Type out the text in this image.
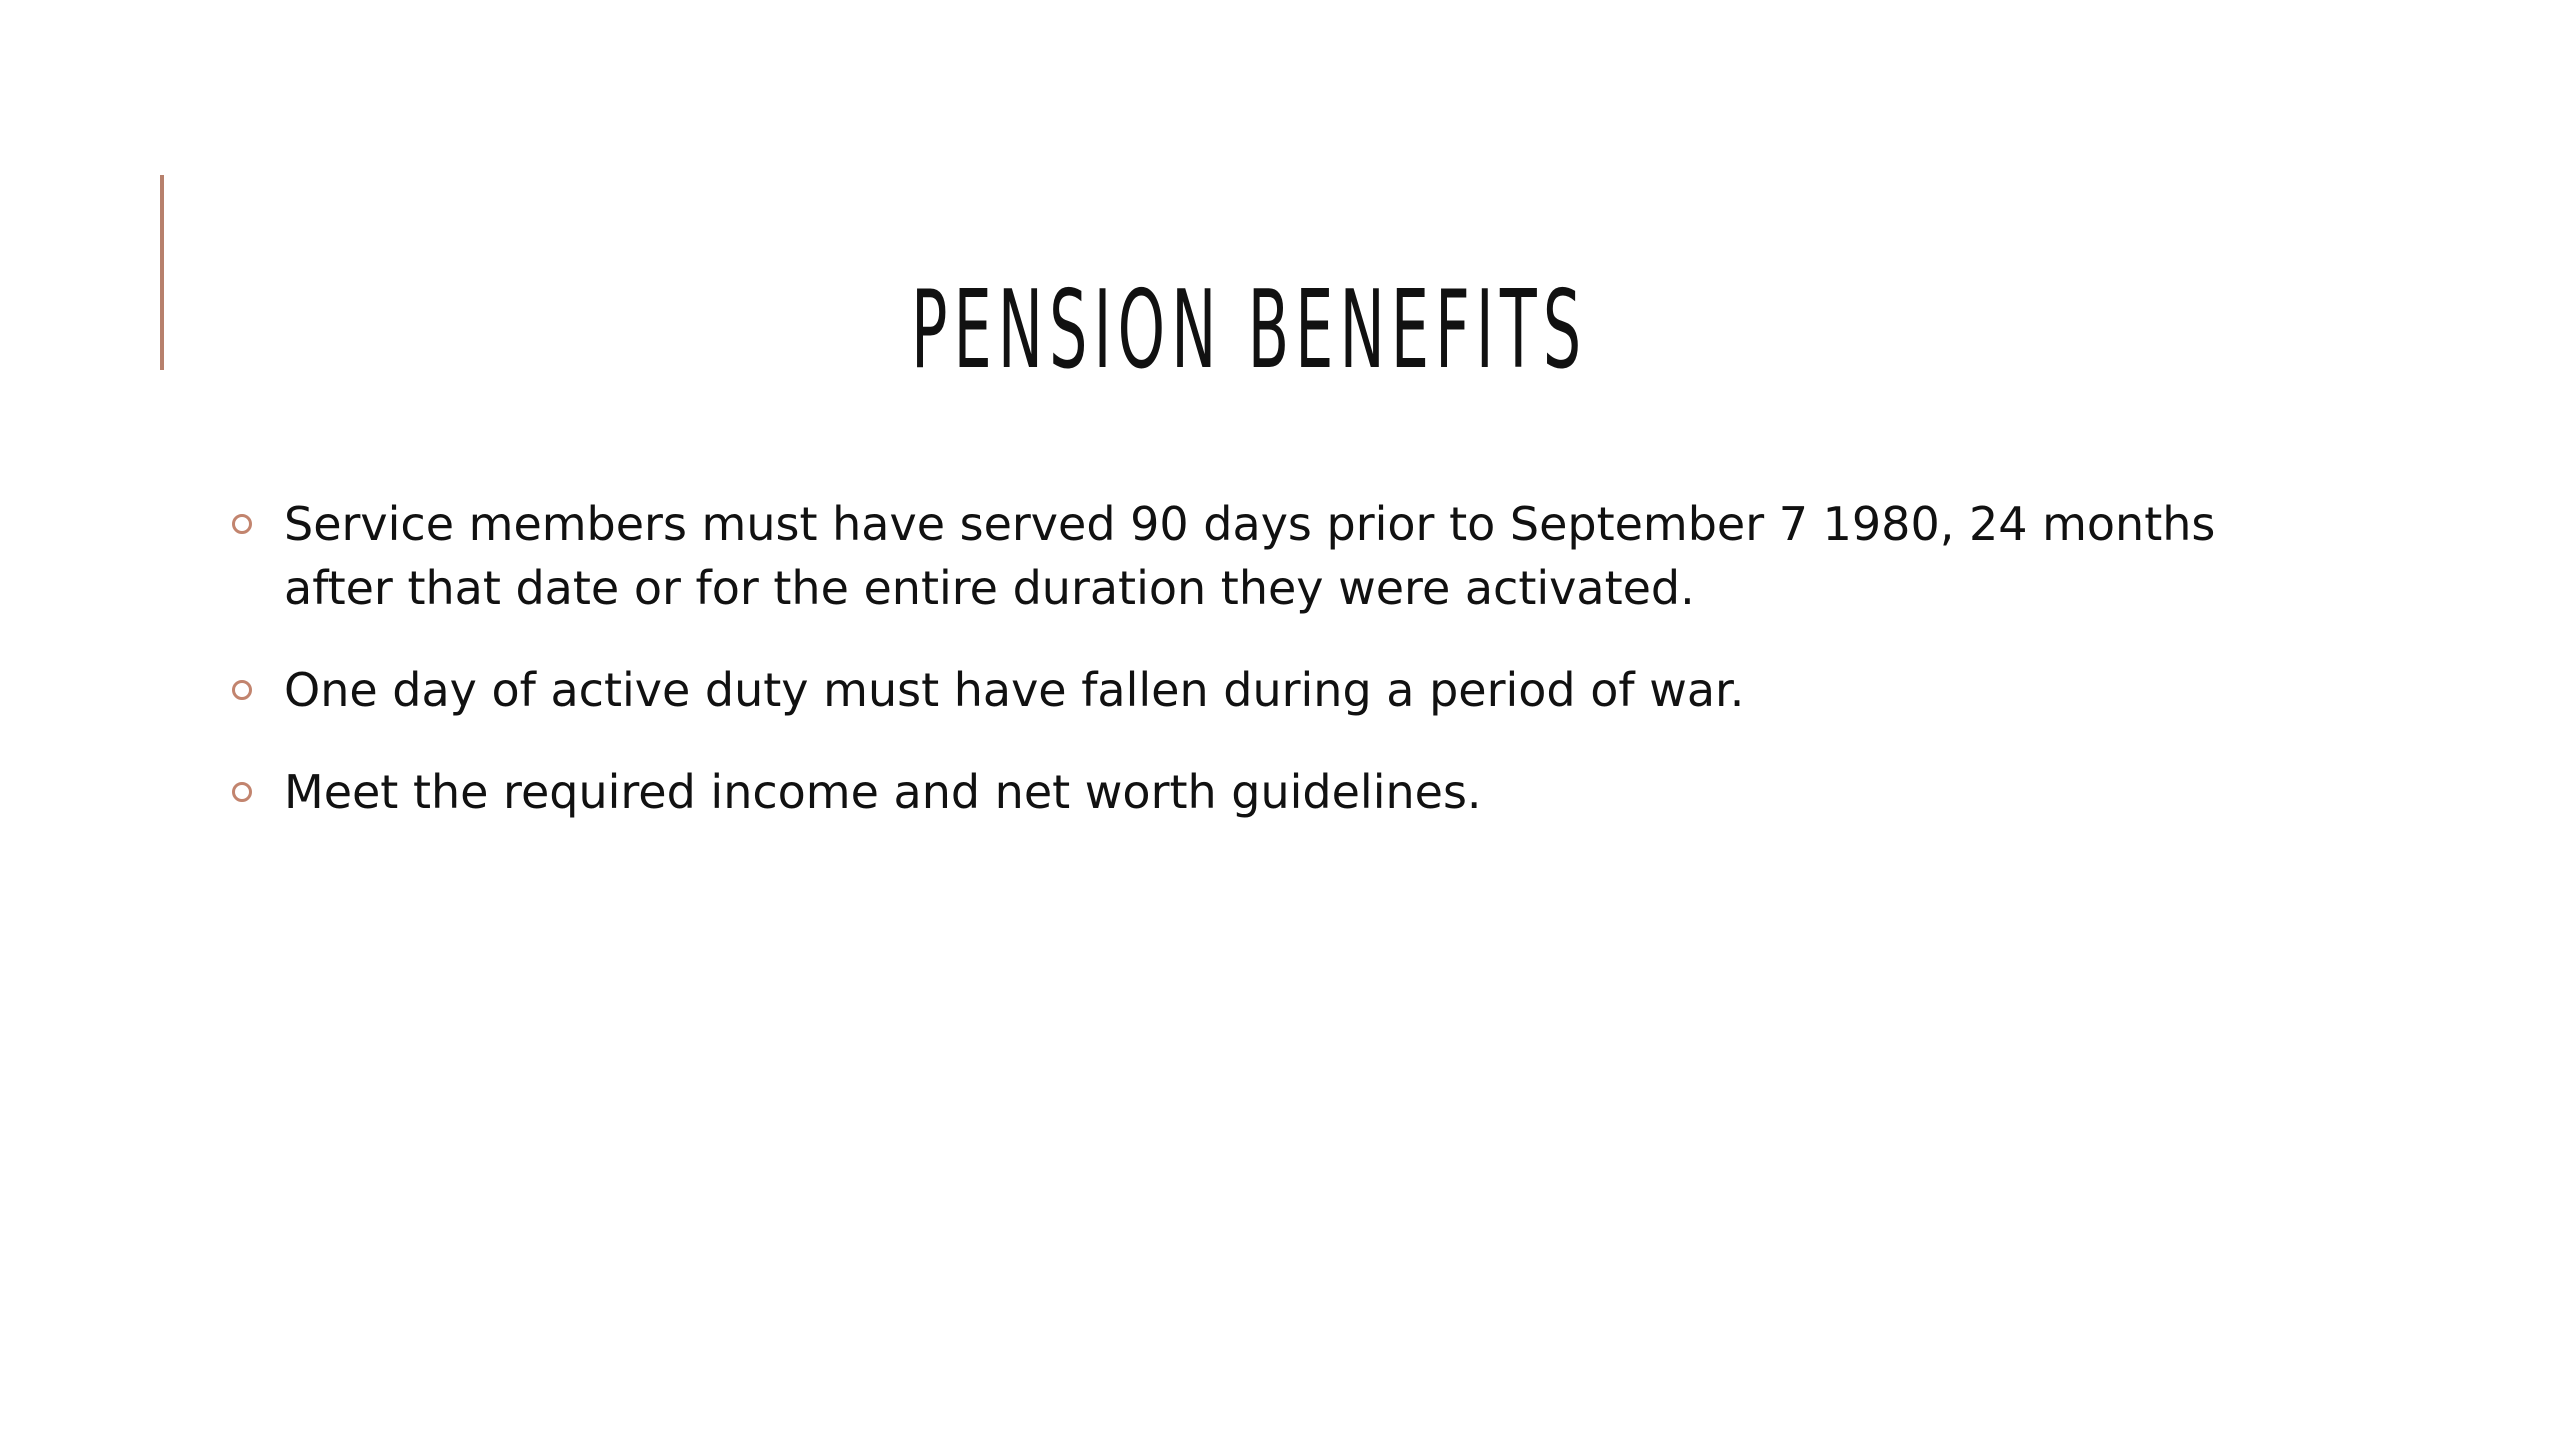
PENSION BENEFITS
Service members must have served 90 days prior to September 7 1980, 24 months after that date or for the entire duration they were activated.
One day of active duty must have fallen during a period of war.
Meet the required income and net worth guidelines.
